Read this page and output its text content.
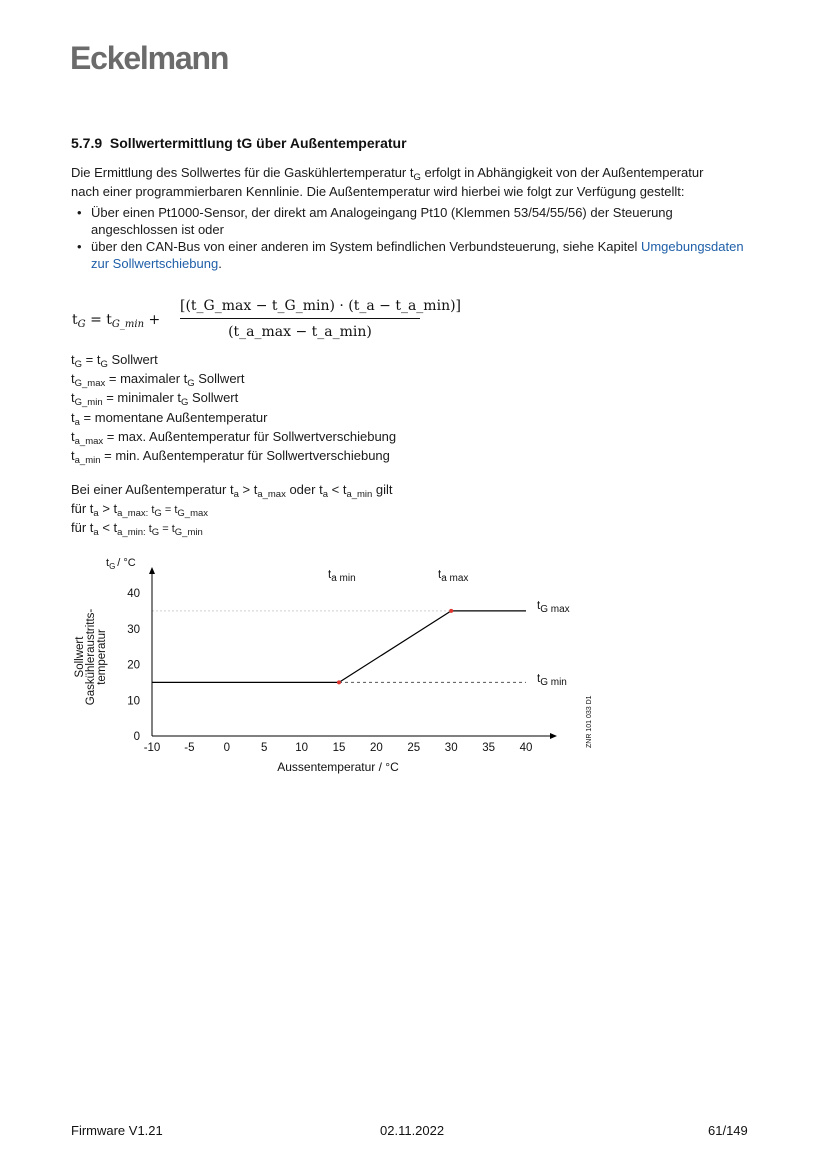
Eckelmann
5.7.9 Sollwertermittlung tG über Außentemperatur
Die Ermittlung des Sollwertes für die Gaskühlertemperatur $t_G$ erfolgt in Abhängigkeit von der Außentemperatur
nach einer programmierbaren Kennlinie. Die Außentemperatur wird hierbei wie folgt zur Verfügung gestellt:
• Über einen Pt1000-Sensor, der direkt am Analogeingang Pt10 (Klemmen 53/54/55/56) der Steuerung angeschlossen ist oder
• über den CAN-Bus von einer anderen im System befindlichen Verbundsteuerung, siehe Kapitel Umgebungsdaten zur Sollwertschiebung.
$t_G = t_{G\_min}$ +
[(t_G_max − t_G_min) · (t_a − t_a_min)]
(t_a_max − t_a_min)
$t_G = t_G$ Sollwert
$t_{G\_max}$ = maximaler $t_G$ Sollwert
$t_{G\_min}$ = minimaler $t_G$ Sollwert
$t_a$ = momentane Außentemperatur
$t_{a\_max} = \max$. Außentemperatur für Sollwertverschiebung
$t_{a\_min} = \min$. Außentemperatur für Sollwertverschiebung
Bei einer Außentemperatur $t_a > t_{a\_max}$ oder $t_a < t_{a\_min}$ gilt
für $t_a > t_{a\_max:}$ $t_G = t_{G\_max}$
für $t_a < t_{a\_min:}$ $t_G = t_{G\_min}$
-10 -5	0	5 10 15 20 25 30 35 40
0
10
20
30
40
$t_G / ^\circ C$
Sollwert Gaskühleraustritts- temperatur
Aussentemperatur / °C
ta min	ta max
tG max
tG min
ZNR 101 033 D1
Firmware V1.21	02.11.2022	61/149
